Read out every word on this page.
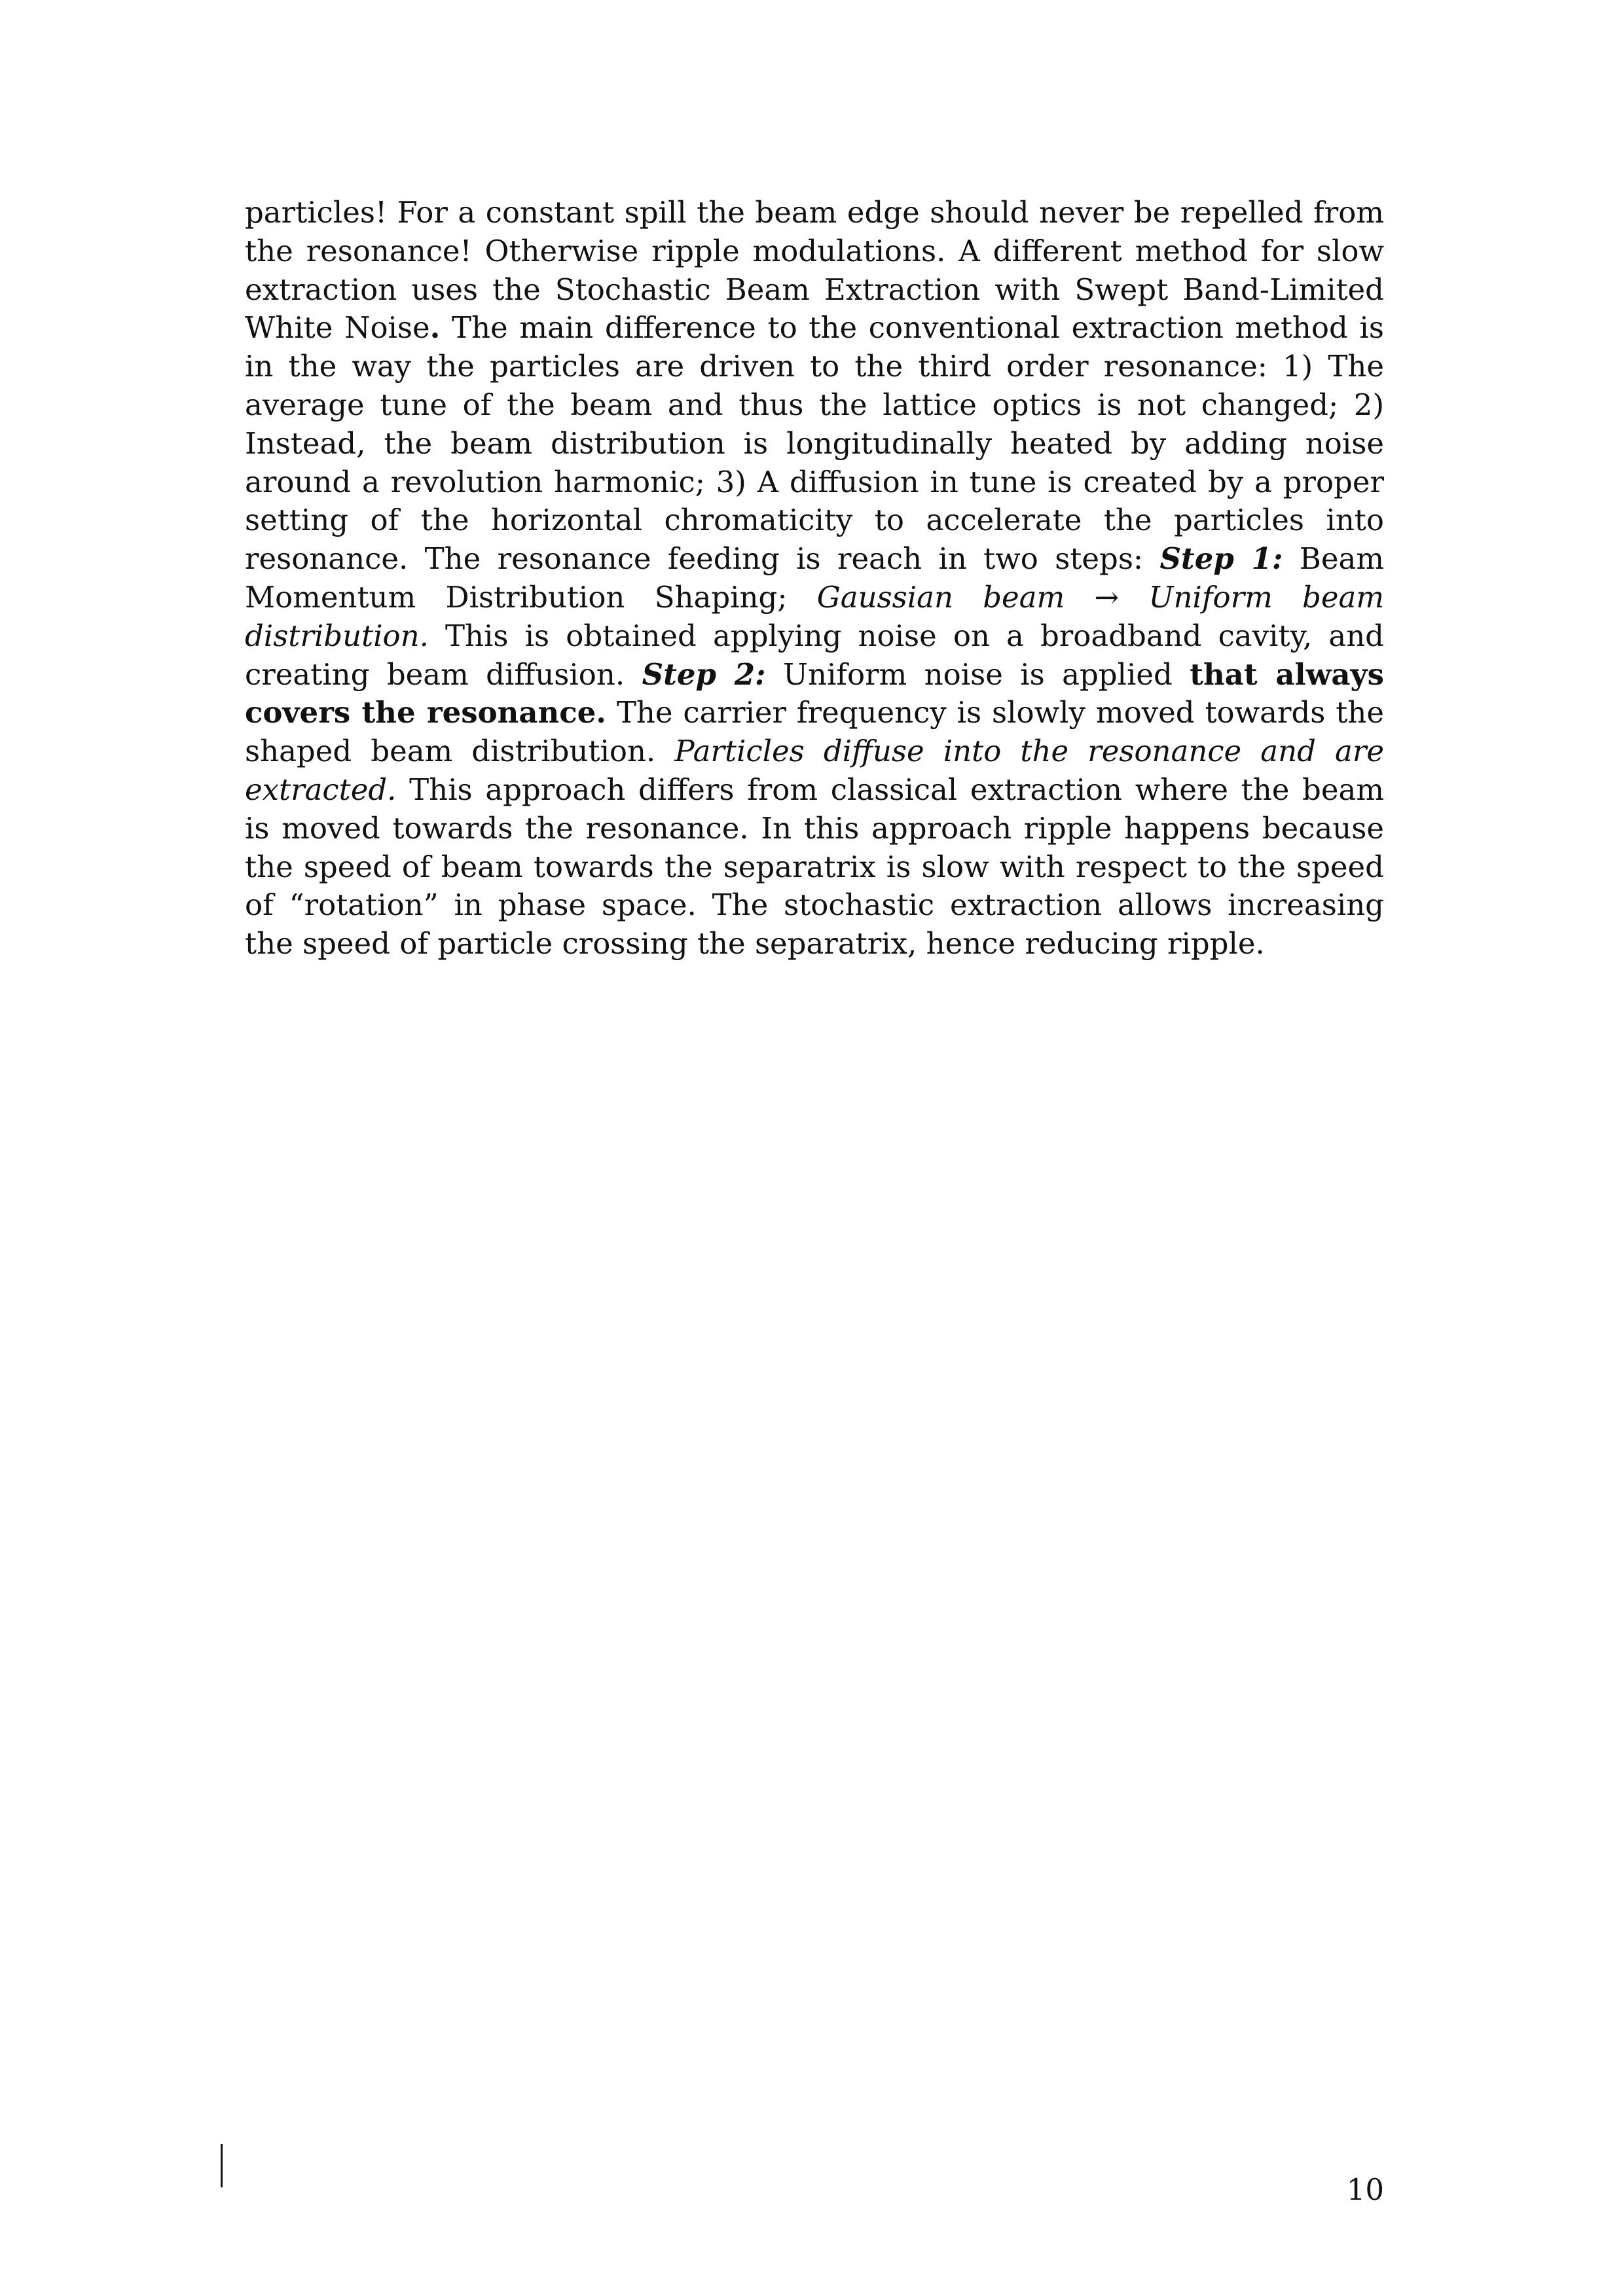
particles! For a constant spill the beam edge should never be repelled from the resonance! Otherwise ripple modulations. A different method for slow extraction uses the Stochastic Beam Extraction with Swept Band-Limited White Noise. The main difference to the conventional extraction method is in the way the particles are driven to the third order resonance: 1) The average tune of the beam and thus the lattice optics is not changed; 2) Instead, the beam distribution is longitudinally heated by adding noise around a revolution harmonic; 3) A diffusion in tune is created by a proper setting of the horizontal chromaticity to accelerate the particles into resonance. The resonance feeding is reach in two steps: Step 1: Beam Momentum Distribution Shaping; Gaussian beam → Uniform beam distribution. This is obtained applying noise on a broadband cavity, and creating beam diffusion. Step 2: Uniform noise is applied that always covers the resonance. The carrier frequency is slowly moved towards the shaped beam distribution. Particles diffuse into the resonance and are extracted. This approach differs from classical extraction where the beam is moved towards the resonance. In this approach ripple happens because the speed of beam towards the separatrix is slow with respect to the speed of “rotation” in phase space. The stochastic extraction allows increasing the speed of particle crossing the separatrix, hence reducing ripple.

10
